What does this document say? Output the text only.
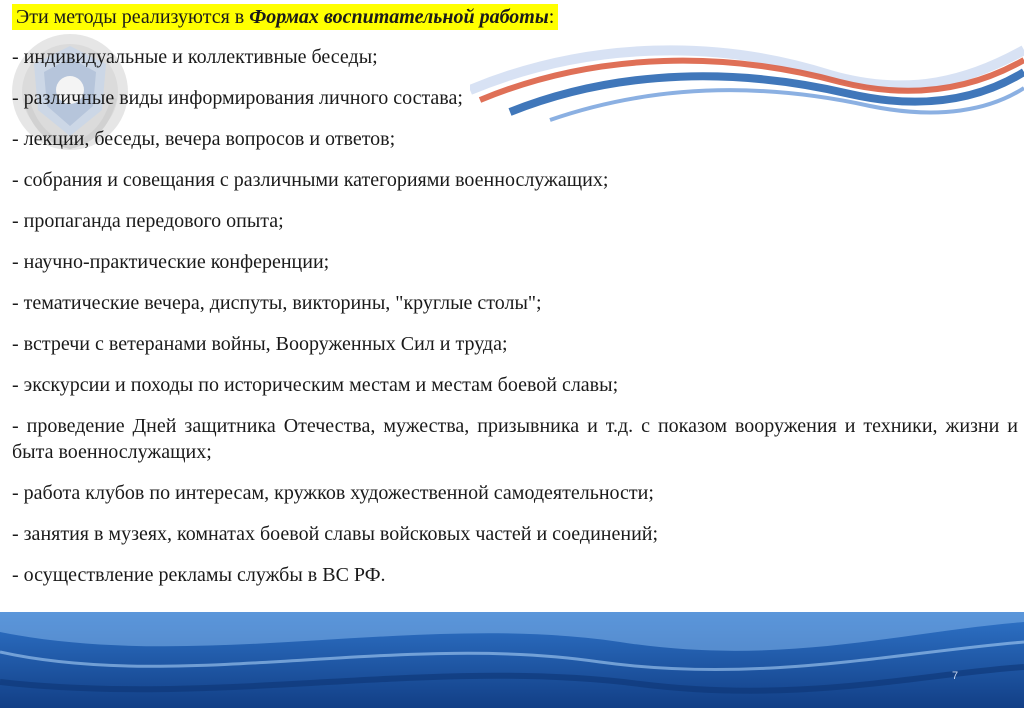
Эти методы реализуются в Формах воспитательной работы:
- индивидуальные и коллективные беседы;
- различные виды информирования личного состава;
- лекции, беседы, вечера вопросов и ответов;
- собрания и совещания с различными категориями военнослужащих;
- пропаганда передового опыта;
- научно-практические конференции;
- тематические вечера, диспуты, викторины, "круглые столы";
- встречи с ветеранами войны, Вооруженных Сил и труда;
- экскурсии и походы по историческим местам и местам боевой славы;
- проведение Дней защитника Отечества, мужества, призывника и т.д. с показом вооружения и техники, жизни и быта военнослужащих;
- работа клубов по интересам, кружков художественной самодеятельности;
- занятия в музеях, комнатах боевой славы войсковых частей и соединений;
- осуществление рекламы службы в ВС РФ.
7
